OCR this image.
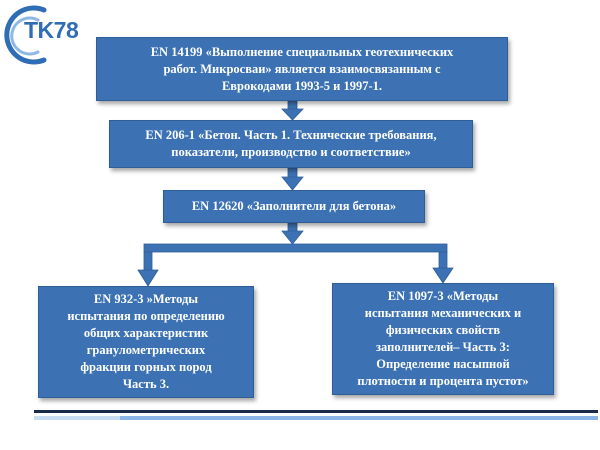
TK78
EN 14199 «Выполнение специальных геотехнических
работ. Микросваи» является взаимосвязанным с
Еврокодами 1993-5 и 1997-1.
EN 206-1 «Бетон. Часть 1. Технические требования,
показатели, производство и соответствие»
EN 12620 «Заполнители для бетона»
EN 932-3 »Методы
испытания по определению
общих характеристик
гранулометрических
фракции горных пород
Часть 3.
EN 1097-3 «Методы
испытания механических и
физических свойств
заполнителей– Часть 3:
Определение насыпной
плотности и процента пустот»
